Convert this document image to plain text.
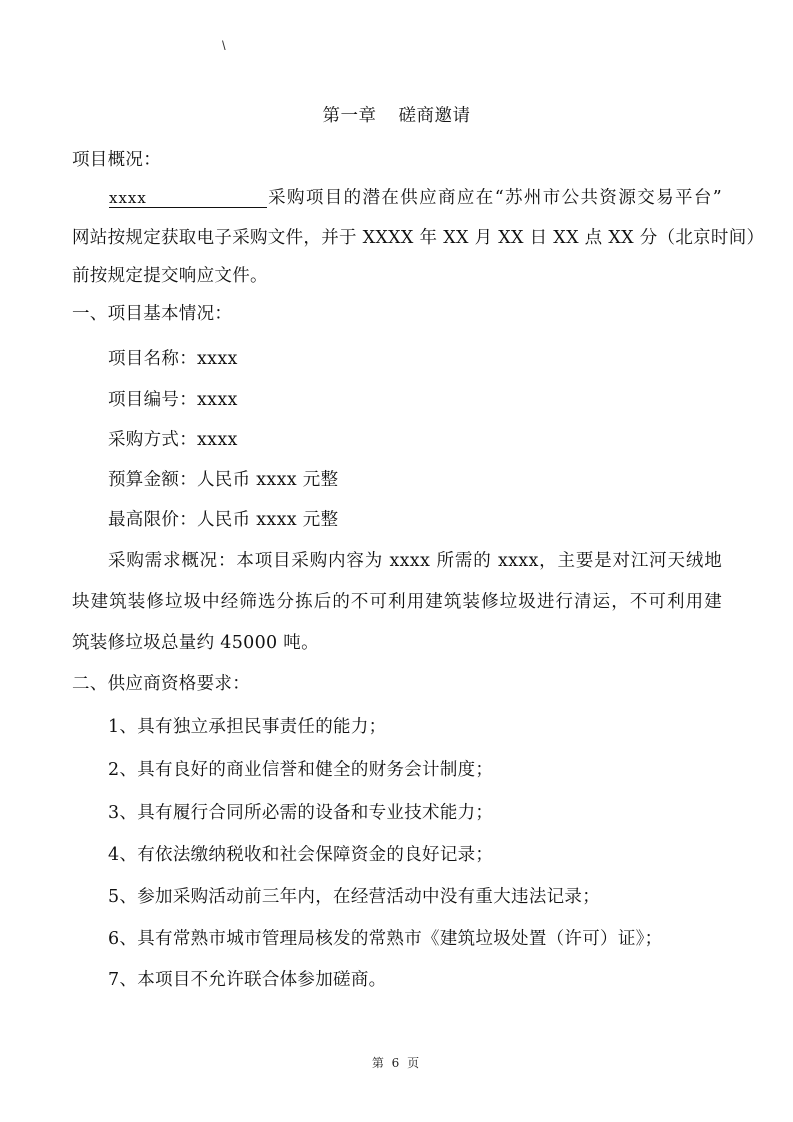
\
第一章 磋商邀请
项目概况：
xxxx	采购项目的潜在供应商应在“苏州市公共资源交易平台”
网站按规定获取电子采购文件，并于 XXXX 年 XX 月 XX 日 XX 点 XX 分（北京时间）
前按规定提交响应文件。
一、项目基本情况：
项目名称：xxxx
项目编号：xxxx
采购方式：xxxx
预算金额：人民币 xxxx 元整
最高限价：人民币 xxxx 元整
采购需求概况：本项目采购内容为 xxxx 所需的 xxxx，主要是对江河天绒地
块建筑装修垃圾中经筛选分拣后的不可利用建筑装修垃圾进行清运，不可利用建
筑装修垃圾总量约 45000 吨。
二、供应商资格要求：
1、具有独立承担民事责任的能力；
2、具有良好的商业信誉和健全的财务会计制度；
3、具有履行合同所必需的设备和专业技术能力；
4、有依法缴纳税收和社会保障资金的良好记录；
5、参加采购活动前三年内，在经营活动中没有重大违法记录；
6、具有常熟市城市管理局核发的常熟市《建筑垃圾处置（许可）证》；
7、本项目不允许联合体参加磋商。
第 6 页
